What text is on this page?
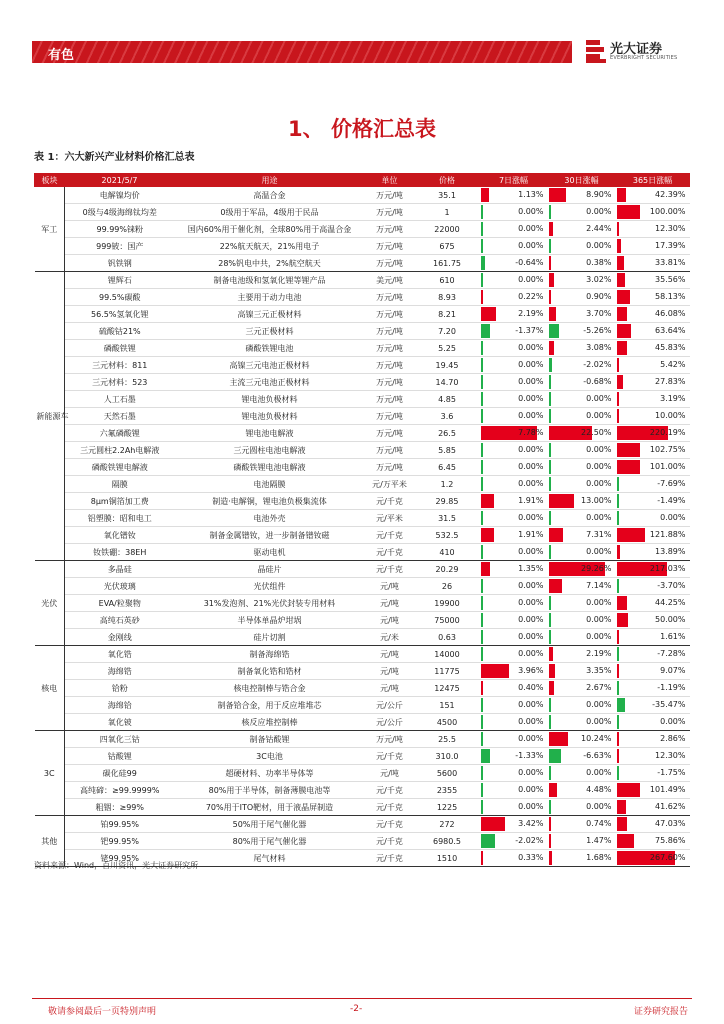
有色	光大证券
EVERBRIGHT SECURITIES
1、 价格汇总表
表 1：六大新兴产业材料价格汇总表
板块	2021/5/7	用途	单位	价格	7日涨幅	30日涨幅	365日涨幅
军工	电解镍均价	高温合金	万元/吨	35.1	1.13%	8.90%	42.39%

	0级与4级海绵钛均差	0级用于军品，4级用于民品	万元/吨	1	0.00%	0.00%	100.00%

	99.99%铼粉	国内60%用于催化剂，全球80%用于高温合金	万元/吨	22000	0.00%	2.44%	12.30%

	999铍：国产	22%航天航天，21%用电子	万元/吨	675	0.00%	0.00%	17.39%

	钒铁钢	28%钒电中共，2%航空航天	万元/吨	161.75	-0.64%	0.38%	33.81%

新能源车	锂辉石	制备电池级和氢氧化锂等锂产品	美元/吨	610	0.00%	3.02%	35.56%

	99.5%碳酸	主要用于动力电池	万元/吨	8.93	0.22%	0.90%	58.13%

	56.5%氢氧化锂	高镍三元正极材料	万元/吨	8.21	2.19%	3.70%	46.08%

	硫酸钴21%	三元正极材料	万元/吨	7.20	-1.37%	-5.26%	63.64%

	磷酸铁锂	磷酸铁锂电池	万元/吨	5.25	0.00%	3.08%	45.83%

	三元材料：811	高镍三元电池正极材料	万元/吨	19.45	0.00%	-2.02%	5.42%

	三元材料：523	主流三元电池正极材料	万元/吨	14.70	0.00%	-0.68%	27.83%

	人工石墨	锂电池负极材料	万元/吨	4.85	0.00%	0.00%	3.19%

	天然石墨	锂电池负极材料	万元/吨	3.6	0.00%	0.00%	10.00%

	六氟磷酸锂	锂电池电解液	万元/吨	26.5	7.78%	22.50%	220.19%

	三元圆柱2.2Ah电解液	三元圆柱电池电解液	万元/吨	5.85	0.00%	0.00%	102.75%

	磷酸铁锂电解液	磷酸铁锂电池电解液	万元/吨	6.45	0.00%	0.00%	101.00%

	隔膜	电池隔膜	元/万平米	1.2	0.00%	0.00%	-7.69%

	8μm铜箔加工费	制造·电解铜，锂电池负极集流体	元/千克	29.85	1.91%	13.00%	-1.49%

	铝塑膜：昭和电工	电池外壳	元/平米	31.5	0.00%	0.00%	0.00%

	氧化镨钕	制备金属镨钕，进一步制备镨钕磁	元/千克	532.5	1.91%	7.31%	121.88%

	钕铁硼：38EH	驱动电机	元/千克	410	0.00%	0.00%	13.89%

光伏	多晶硅	晶硅片	元/千克	20.29	1.35%	29.26%	217.03%

	光伏玻璃	光伏组件	元/吨	26	0.00%	7.14%	-3.70%

	EVA/粒聚物	31%发泡剂、21%光伏封装专用材料	元/吨	19900	0.00%	0.00%	44.25%

	高纯石英砂	半导体单晶炉坩埚	元/吨	75000	0.00%	0.00%	50.00%

	金刚线	硅片切割	元/米	0.63	0.00%	0.00%	1.61%

核电	氧化锆	制备海绵锆	元/吨	14000	0.00%	2.19%	-7.28%

	海绵锆	制备氧化锆和锆材	元/吨	11775	3.96%	3.35%	9.07%

	铪粉	核电控制棒与锆合金	元/吨	12475	0.40%	2.67%	-1.19%

	海绵铪	制备铪合金，用于反应堆堆芯	元/公斤	151	0.00%	0.00%	-35.47%

	氧化铍	核反应堆控制棒	元/公斤	4500	0.00%	0.00%	0.00%

3C	四氧化三钴	制备钴酸锂	万元/吨	25.5	0.00%	10.24%	2.86%

	钴酸锂	3C电池	元/千克	310.0	-1.33%	-6.63%	12.30%

	碳化硅99	超硬材料、功率半导体等	元/吨	5600	0.00%	0.00%	-1.75%

	高纯碲：≥99.9999%	80%用于半导体，制备薄膜电池等	元/千克	2355	0.00%	4.48%	101.49%

	粗铟：≥99%	70%用于ITO靶材，用于液晶屏制造	元/千克	1225	0.00%	0.00%	41.62%

其他	铂99.95%	50%用于尾气催化器	元/千克	272	3.42%	0.74%	47.03%

	钯99.95%	80%用于尾气催化器	元/千克	6980.5	-2.02%	1.47%	75.86%

	铑99.95%	尾气材料	元/千克	1510	0.33%	1.68%	267.60%
资料来源：Wind，百川资讯，光大证券研究所
敬请参阅最后一页特别声明	-2-	证券研究报告
